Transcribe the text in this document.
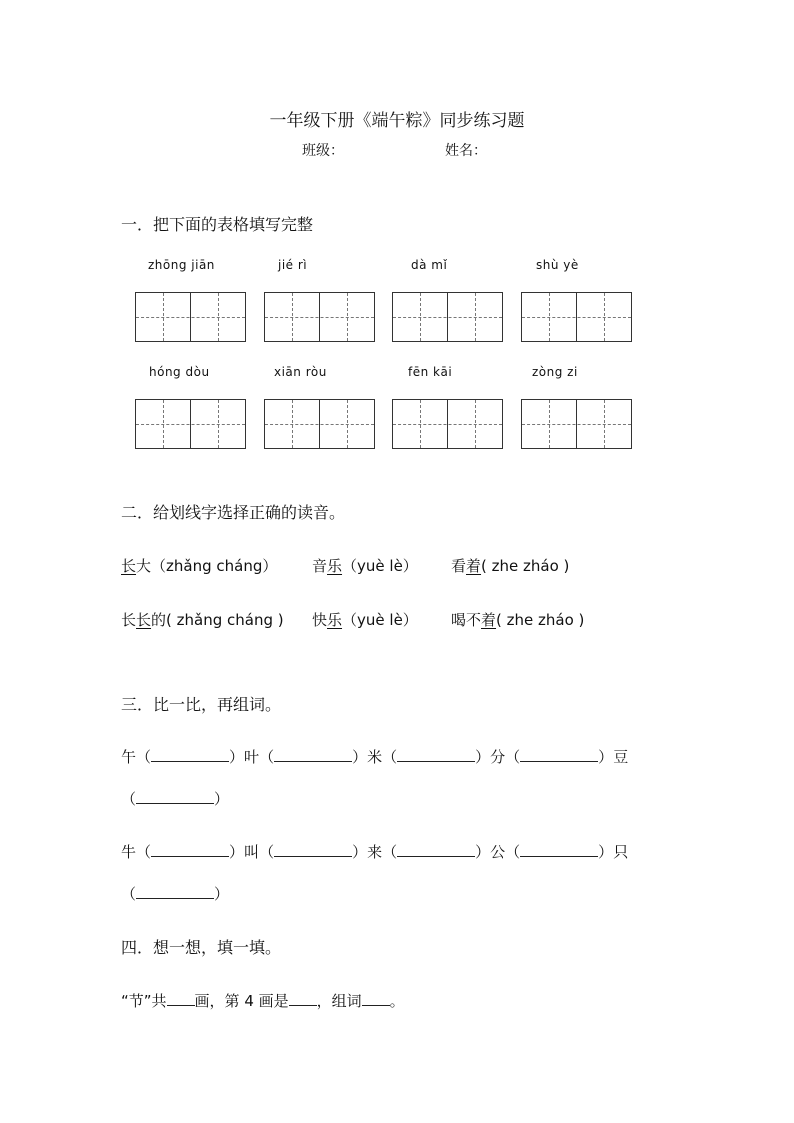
一年级下册《端午粽》同步练习题
班级：	姓名：
一．把下面的表格填写完整
zhōng jiān	jié rì	dà mǐ	shù yè
hóng dòu	xiān ròu	fēn kāi	zòng zi
二．给划线字选择正确的读音。
长大（zhǎng cháng） 音乐（yuè lè） 看着( zhe zháo )
长长的( zhǎng cháng ) 快乐（yuè lè） 喝不着( zhe zháo )
三．比一比，再组词。
午（	）叶（	）米（	）分（	）豆
（	）
牛（	）叫（	）来（	）公（	）只
（	）
四．想一想，填一填。
“节”共 画，第 4 画是 ，组词 。
